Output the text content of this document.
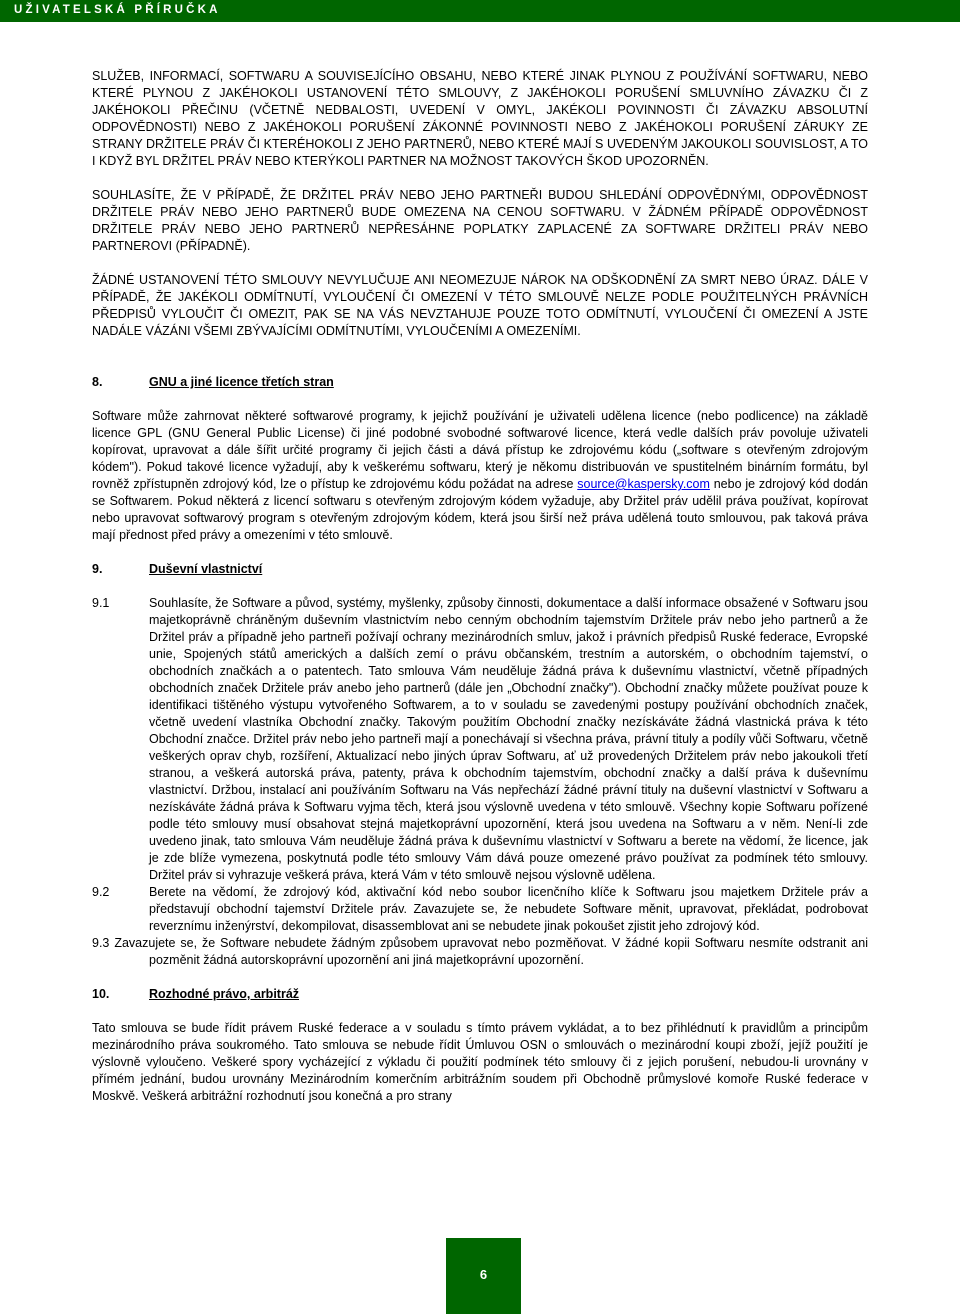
UŽIVATELSKÁ PŘÍRUČKA

SLUŽEB, INFORMACÍ, SOFTWARU A SOUVISEJÍCÍHO OBSAHU, NEBO KTERÉ JINAK PLYNOU Z POUŽÍVÁNÍ SOFTWARU, NEBO KTERÉ PLYNOU Z JAKÉHOKOLI USTANOVENÍ TÉTO SMLOUVY, Z JAKÉHOKOLI PORUŠENÍ SMLUVNÍHO ZÁVAZKU ČI Z JAKÉHOKOLI PŘEČINU (VČETNĚ NEDBALOSTI, UVEDENÍ V OMYL, JAKÉKOLI POVINNOSTI ČI ZÁVAZKU ABSOLUTNÍ ODPOVĚDNOSTI) NEBO Z JAKÉHOKOLI PORUŠENÍ ZÁKONNÉ POVINNOSTI NEBO Z JAKÉHOKOLI PORUŠENÍ ZÁRUKY ZE STRANY DRŽITELE PRÁV ČI KTERÉHOKOLI Z JEHO PARTNERŮ, NEBO KTERÉ MAJÍ S UVEDENÝM JAKOUKOLI SOUVISLOST, A TO I KDYŽ BYL DRŽITEL PRÁV NEBO KTERÝKOLI PARTNER NA MOŽNOST TAKOVÝCH ŠKOD UPOZORNĚN.

SOUHLASÍTE, ŽE V PŘÍPADĚ, ŽE DRŽITEL PRÁV NEBO JEHO PARTNEŘI BUDOU SHLEDÁNÍ ODPOVĚDNÝMI, ODPOVĚDNOST DRŽITELE PRÁV NEBO JEHO PARTNERŮ BUDE OMEZENA NA CENOU SOFTWARU. V ŽÁDNÉM PŘÍPADĚ ODPOVĚDNOST DRŽITELE PRÁV NEBO JEHO PARTNERŮ NEPŘESÁHNE POPLATKY ZAPLACENÉ ZA SOFTWARE DRŽITELI PRÁV NEBO PARTNEROVI (PŘÍPADNĚ).

ŽÁDNÉ USTANOVENÍ TÉTO SMLOUVY NEVYLUČUJE ANI NEOMEZUJE NÁROK NA ODŠKODNĚNÍ ZA SMRT NEBO ÚRAZ. DÁLE V PŘÍPADĚ, ŽE JAKÉKOLI ODMÍTNUTÍ, VYLOUČENÍ ČI OMEZENÍ V TÉTO SMLOUVĚ NELZE PODLE POUŽITELNÝCH PRÁVNÍCH PŘEDPISŮ VYLOUČIT ČI OMEZIT, PAK SE NA VÁS NEVZTAHUJE POUZE TOTO ODMÍTNUTÍ, VYLOUČENÍ ČI OMEZENÍ A JSTE NADÁLE VÁZÁNI VŠEMI ZBÝVAJÍCÍMI ODMÍTNUTÍMI, VYLOUČENÍMI A OMEZENÍMI.

8.	GNU a jiné licence třetích stran

Software může zahrnovat některé softwarové programy, k jejichž používání je uživateli udělena licence (nebo podlicence) na základě licence GPL (GNU General Public License) či jiné podobné svobodné softwarové licence, která vedle dalších práv povoluje uživateli kopírovat, upravovat a dále šířit určité programy či jejich části a dává přístup ke zdrojovému kódu („software s otevřeným zdrojovým kódem"). Pokud takové licence vyžadují, aby k veškerému softwaru, který je někomu distribuován ve spustitelném binárním formátu, byl rovněž zpřístupněn zdrojový kód, lze o přístup ke zdrojovému kódu požádat na adrese source@kaspersky.com nebo je zdrojový kód dodán se Softwarem. Pokud některá z licencí softwaru s otevřeným zdrojovým kódem vyžaduje, aby Držitel práv udělil práva používat, kopírovat nebo upravovat softwarový program s otevřeným zdrojovým kódem, která jsou širší než práva udělená touto smlouvou, pak taková práva mají přednost před právy a omezeními v této smlouvě.

9.	Duševní vlastnictví
9.1	Souhlasíte, že Software a původ, systémy, myšlenky, způsoby činnosti, dokumentace a další informace obsažené v Softwaru jsou majetkoprávně chráněným duševním vlastnictvím nebo cenným obchodním tajemstvím Držitele práv nebo jeho partnerů a že Držitel práv a případně jeho partneři požívají ochrany mezinárodních smluv, jakož i právních předpisů Ruské federace, Evropské unie, Spojených států amerických a dalších zemí o právu občanském, trestním a autorském, o obchodním tajemství, o obchodních značkách a o patentech. Tato smlouva Vám neuděluje žádná práva k duševnímu vlastnictví, včetně případných obchodních značek Držitele práv anebo jeho partnerů (dále jen „Obchodní značky"). Obchodní značky můžete používat pouze k identifikaci tištěného výstupu vytvořeného Softwarem, a to v souladu se zavedenými postupy používání obchodních značek, včetně uvedení vlastníka Obchodní značky. Takovým použitím Obchodní značky nezískáváte žádná vlastnická práva k této Obchodní značce. Držitel práv nebo jeho partneři mají a ponechávají si všechna práva, právní tituly a podíly vůči Softwaru, včetně veškerých oprav chyb, rozšíření, Aktualizací nebo jiných úprav Softwaru, ať už provedených Držitelem práv nebo jakoukoli třetí stranou, a veškerá autorská práva, patenty, práva k obchodním tajemstvím, obchodní značky a další práva k duševnímu vlastnictví. Držbou, instalací ani používáním Softwaru na Vás nepřechází žádné právní tituly na duševní vlastnictví v Softwaru a nezískáváte žádná práva k Softwaru vyjma těch, která jsou výslovně uvedena v této smlouvě. Všechny kopie Softwaru pořízené podle této smlouvy musí obsahovat stejná majetkoprávní upozornění, která jsou uvedena na Softwaru a v něm. Není-li zde uvedeno jinak, tato smlouva Vám neuděluje žádná práva k duševnímu vlastnictví v Softwaru a berete na vědomí, že licence, jak je zde blíže vymezena, poskytnutá podle této smlouvy Vám dává pouze omezené právo používat za podmínek této smlouvy. Držitel práv si vyhrazuje veškerá práva, která Vám v této smlouvě nejsou výslovně udělena.
9.2	Berete na vědomí, že zdrojový kód, aktivační kód nebo soubor licenčního klíče k Softwaru jsou majetkem Držitele práv a představují obchodní tajemství Držitele práv. Zavazujete se, že nebudete Software měnit, upravovat, překládat, podrobovat reverznímu inženýrství, dekompilovat, disassemblovat ani se nebudete jinak pokoušet zjistit jeho zdrojový kód.

9.3 Zavazujete se, že Software nebudete žádným způsobem upravovat nebo pozměňovat. V žádné kopii Softwaru nesmíte odstranit ani pozměnit žádná autorskoprávní upozornění ani jiná majetkoprávní upozornění.

10.	Rozhodné právo, arbitráž

Tato smlouva se bude řídit právem Ruské federace a v souladu s tímto právem vykládat, a to bez přihlédnutí k pravidlům a principům mezinárodního práva soukromého. Tato smlouva se nebude řídit Úmluvou OSN o smlouvách o mezinárodní koupi zboží, jejíž použití je výslovně vyloučeno. Veškeré spory vycházející z výkladu či použití podmínek této smlouvy či z jejich porušení, nebudou-li urovnány v přímém jednání, budou urovnány Mezinárodním komerčním arbitrážním soudem při Obchodně průmyslové komoře Ruské federace v Moskvě. Veškerá arbitrážní rozhodnutí jsou konečná a pro strany

6
